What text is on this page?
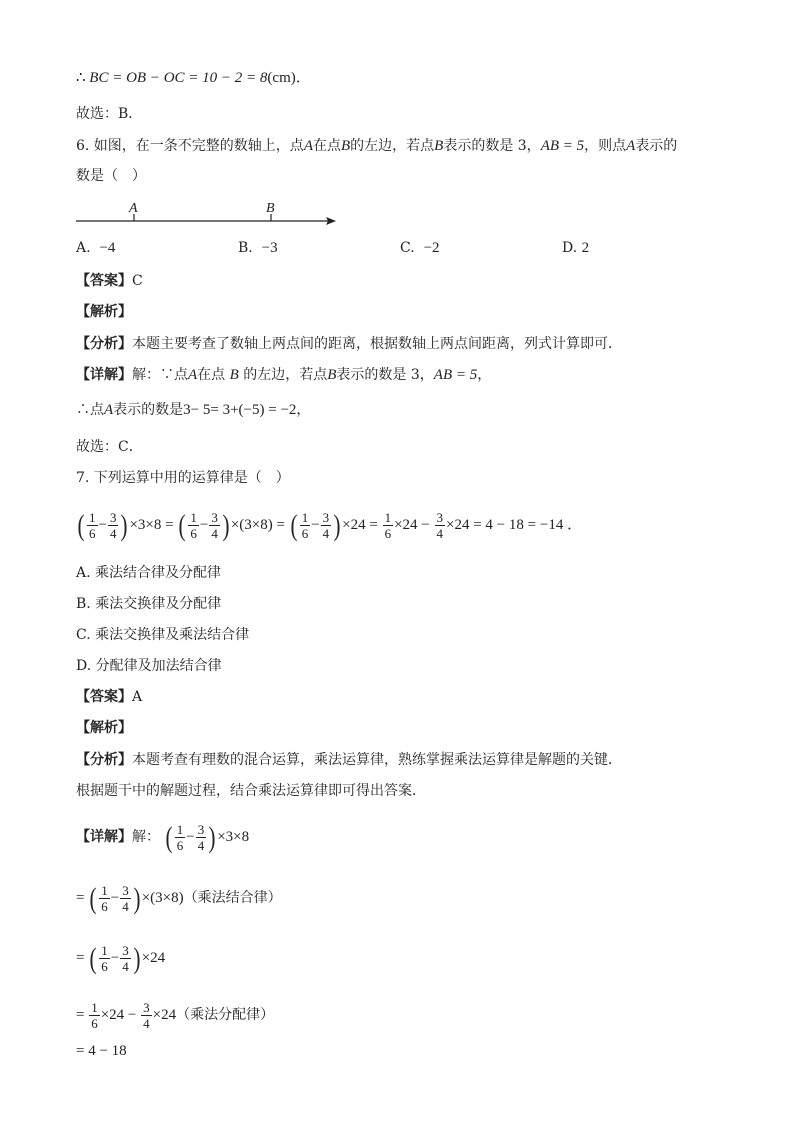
∴ BC = OB − OC = 10 − 2 = 8(cm)．
故选：B．
6. 如图，在一条不完整的数轴上，点A在点B的左边，若点B表示的数是 3，AB = 5，则点A表示的
数是（　）
A	B
A. −4	B. −3	C. −2	D. 2
【答案】C
【解析】
【分析】本题主要考查了数轴上两点间的距离，根据数轴上两点间距离，列式计算即可．
【详解】解：∵点A在点 B 的左边，若点B表示的数是 3，AB = 5，
∴点A表示的数是3− 5= 3+(−5) = −2，
故选：C．
7. 下列运算中用的运算律是（　）
( $\frac{1}{6} - \frac{3}{4}$ ) ×3×8 = ( $\frac{1}{6} - \frac{3}{4}$ ) ×(3×8) = ( $\frac{1}{6} - \frac{3}{4}$ ) $\times 24 = \frac{1}{6} \times 24 - \frac{3}{4} \times 24 = 4 - 18 = -14$ ．
A. 乘法结合律及分配律
B. 乘法交换律及分配律
C. 乘法交换律及乘法结合律
D. 分配律及加法结合律
【答案】A
【解析】
【分析】本题考查有理数的混合运算，乘法运算律，熟练掌握乘法运算律是解题的关键．
根据题干中的解题过程，结合乘法运算律即可得出答案．
【详解】解： ( $\frac{1}{6} - \frac{3}{4}$ ) ×3×8
= ( $\frac{1}{6} - \frac{3}{4}$ ) ×(3×8)（乘法结合律）
= ( $\frac{1}{6} - \frac{3}{4}$ ) ×24
= $\frac{1}{6} \times 24 - \frac{3}{4} \times 24$（乘法分配律）
= 4 − 18
